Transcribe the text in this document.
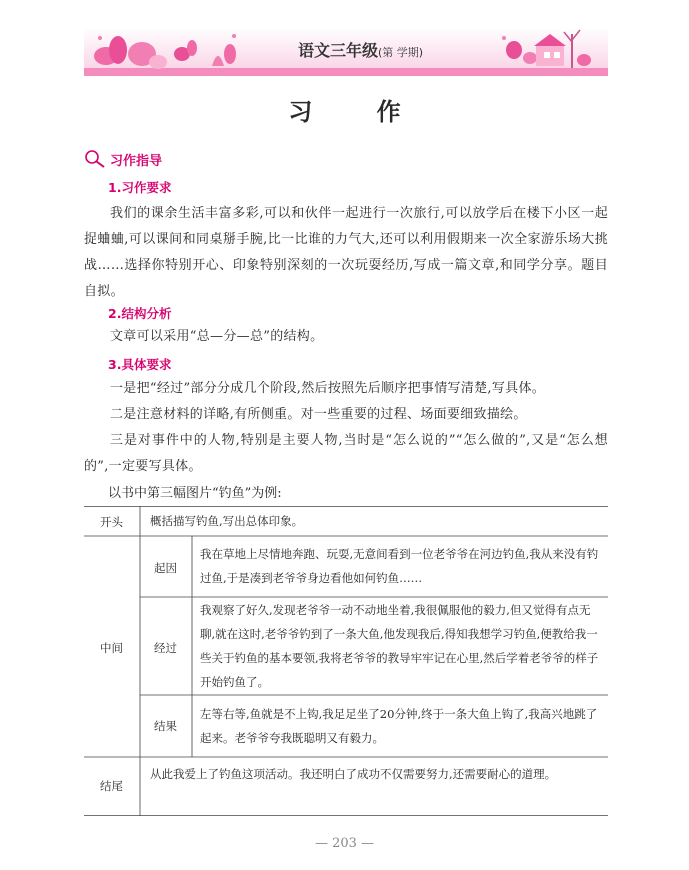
语文三年级(第 学期)
习 作
习作指导
1.习作要求
我们的课余生活丰富多彩,可以和伙伴一起进行一次旅行,可以放学后在楼下小区一起捉蛐蛐,可以课间和同桌掰手腕,比一比谁的力气大,还可以利用假期来一次全家游乐场大挑战……选择你特别开心、印象特别深刻的一次玩耍经历,写成一篇文章,和同学分享。题目自拟。
2.结构分析
文章可以采用“总—分—总”的结构。
3.具体要求
一是把“经过”部分分成几个阶段,然后按照先后顺序把事情写清楚,写具体。
二是注意材料的详略,有所侧重。对一些重要的过程、场面要细致描绘。
三是对事件中的人物,特别是主要人物,当时是“怎么说的”“怎么做的”,又是“怎么想的”,一定要写具体。
以书中第三幅图片“钓鱼”为例:
开头 概括描写钓鱼,写出总体印象。
中间
起因
我在草地上尽情地奔跑、玩耍,无意间看到一位老爷爷在河边钓鱼,我从来没有钓过鱼,于是凑到老爷爷身边看他如何钓鱼……
经过
我观察了好久,发现老爷爷一动不动地坐着,我很佩服他的毅力,但又觉得有点无聊,就在这时,老爷爷钓到了一条大鱼,他发现我后,得知我想学习钓鱼,便教给我一些关于钓鱼的基本要领,我将老爷爷的教导牢牢记在心里,然后学着老爷爷的样子开始钓鱼了。
结果
左等右等,鱼就是不上钩,我足足坐了20分钟,终于一条大鱼上钩了,我高兴地跳了起来。老爷爷夸我既聪明又有毅力。
结尾
从此我爱上了钓鱼这项活动。我还明白了成功不仅需要努力,还需要耐心的道理。
— 203 —
